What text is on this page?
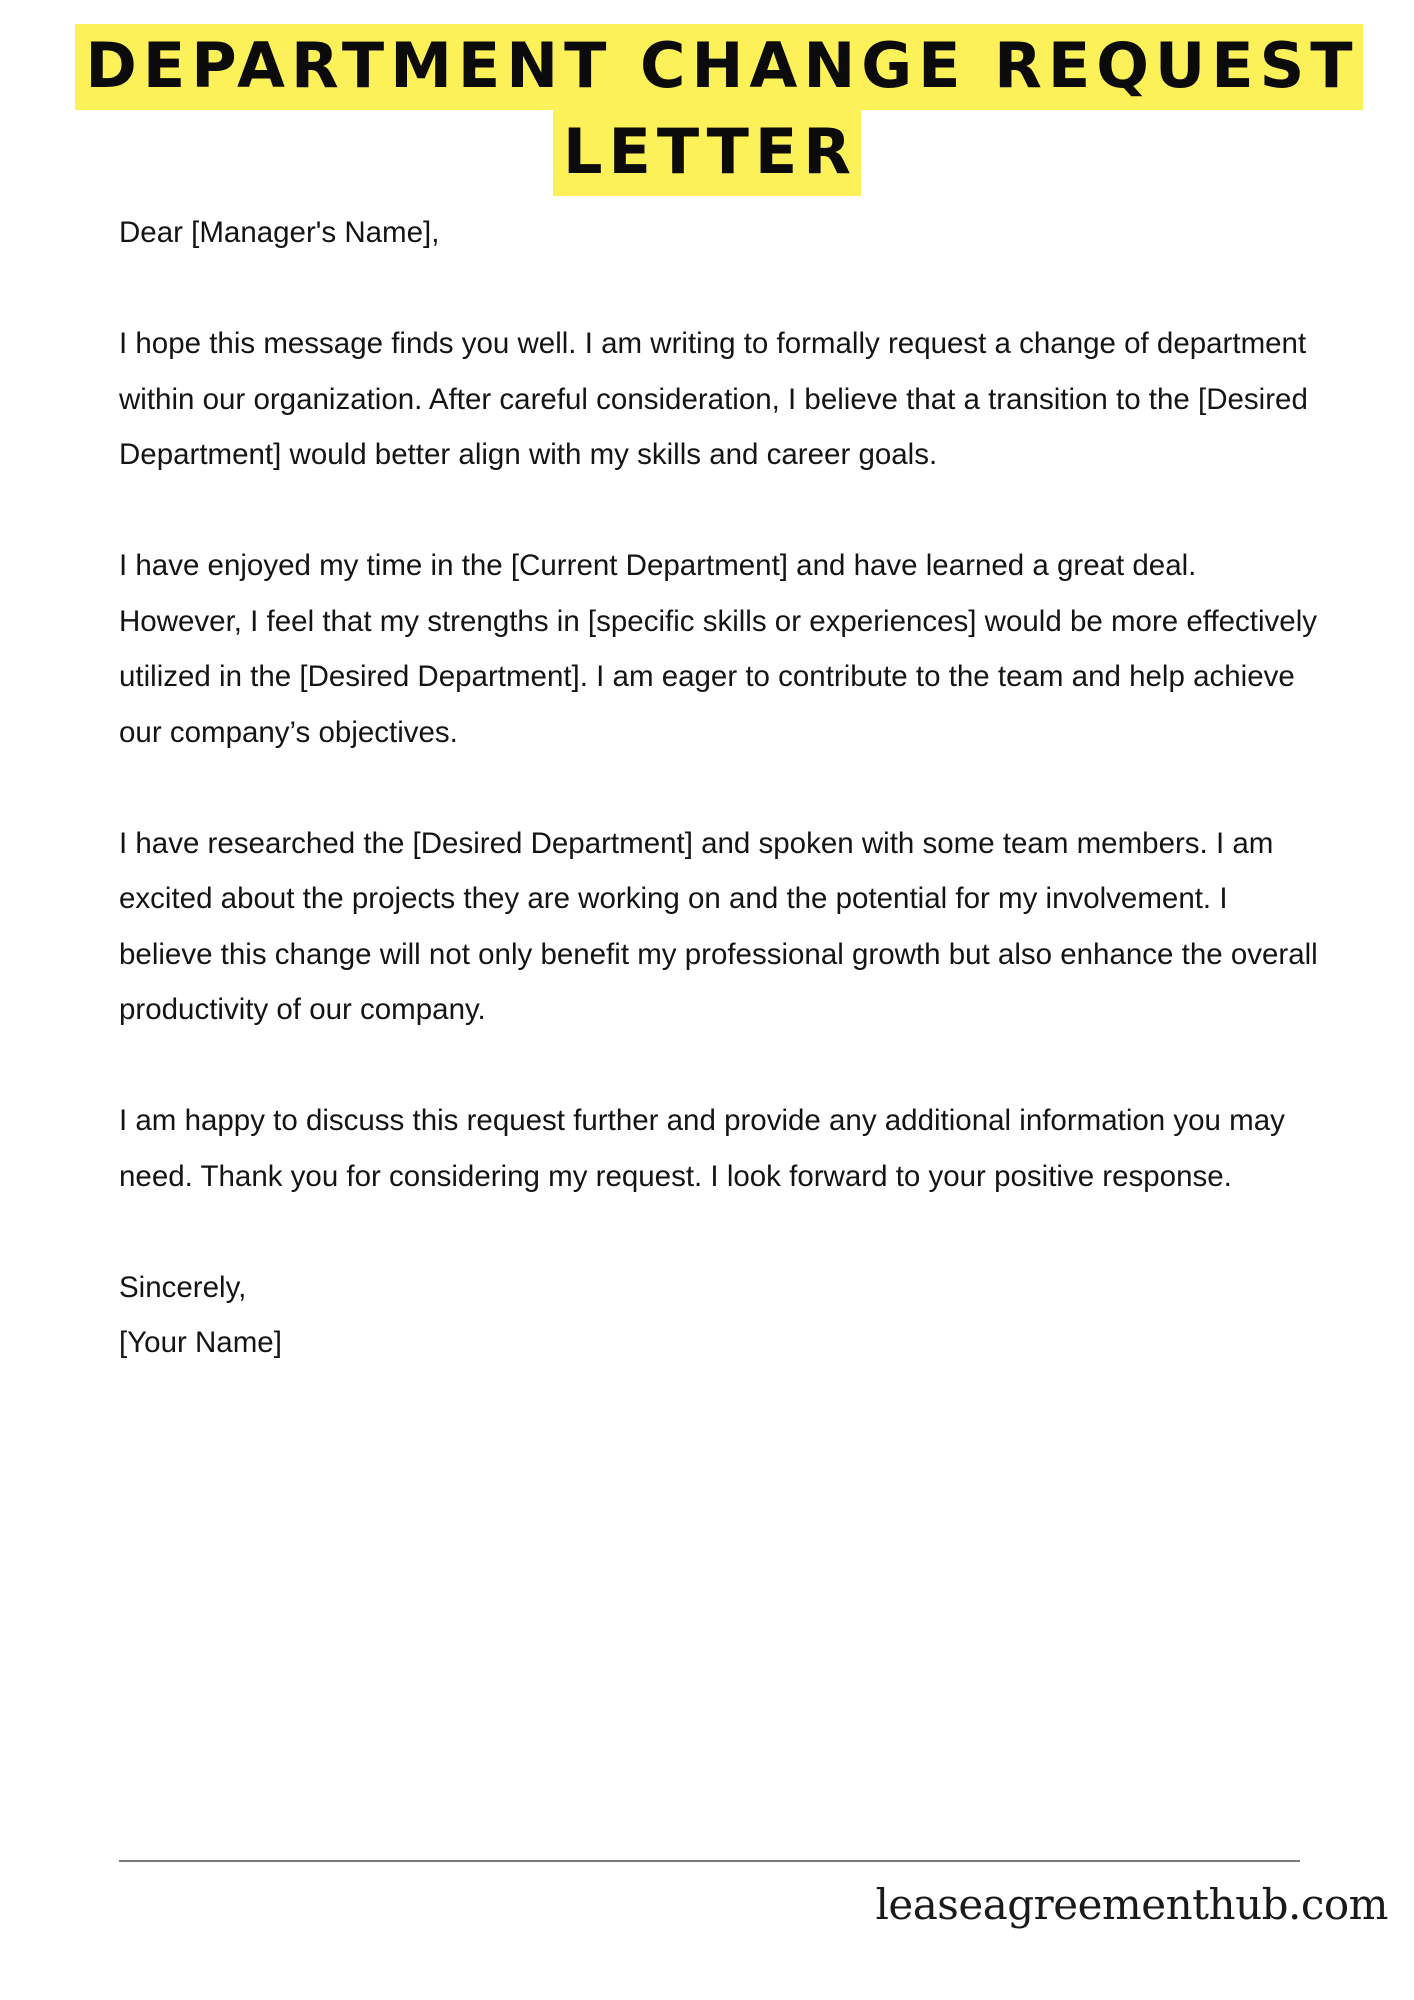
DEPARTMENT CHANGE REQUEST
LETTER

Dear [Manager's Name],

I hope this message finds you well. I am writing to formally request a change of department within our organization. After careful consideration, I believe that a transition to the [Desired Department] would better align with my skills and career goals.

I have enjoyed my time in the [Current Department] and have learned a great deal. However, I feel that my strengths in [specific skills or experiences] would be more effectively utilized in the [Desired Department]. I am eager to contribute to the team and help achieve our company’s objectives.

I have researched the [Desired Department] and spoken with some team members. I am excited about the projects they are working on and the potential for my involvement. I believe this change will not only benefit my professional growth but also enhance the overall productivity of our company.

I am happy to discuss this request further and provide any additional information you may need. Thank you for considering my request. I look forward to your positive response.

Sincerely,

[Your Name]

leaseagreementhub.com
